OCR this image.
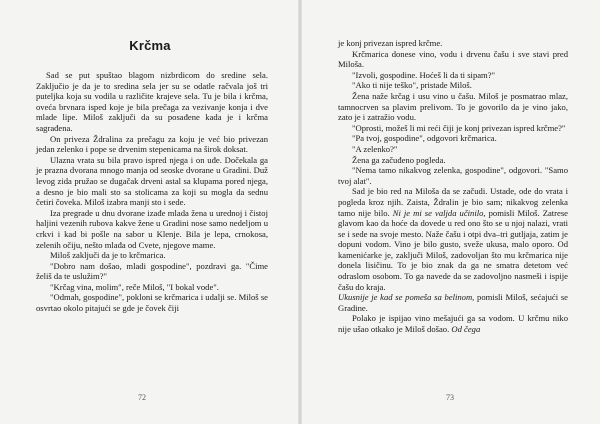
Krčma

Sad se put spuštao blagom nizbrdicom do sredine sela. Zaključio je da je to sredina sela jer su se odatle račvala još tri puteljka koja su vodila u različite krajeve sela. Tu je bila i krčma, oveća brvnara isped koje je bila prečaga za vezivanje konja i dve mlade lipe. Miloš zaključi da su posađene kada je i krčma sagrađena.

On priveza Ždralina za prečagu za koju je već bio privezan jedan zelenko i pope se drvenim stepenicama na širok doksat.

Ulazna vrata su bila pravo ispred njega i on uđe. Dočekala ga je prazna dvorana mnogo manja od seoske dvorane u Gradini. Duž levog zida pružao se dugačak drveni astal sa klupama pored njega, a desno je bio mali sto sa stolicama za koji su mogla da sednu četiri čoveka. Miloš izabra manji sto i sede.

Iza pregrade u dnu dvorane izađe mlada žena u urednoj i čistoj haljini vezenih rubova kakve žene u Gradini nose samo nedeljom u crkvi i kad bi pošle na sabor u Klenje. Bila je lepa, crnokosa, zelenih očiju, nešto mlađa od Cvete, njegove mame.

Miloš zaključi da je to krčmarica.

"Dobro nam došao, mladi gospodine", pozdravi ga. "Čime želiš da te uslužim?"

"Krčag vina, molim", reče Miloš, "I bokal vode".

"Odmah, gospodine", pokloni se krčmarica i udalji se. Miloš se osvrtao okolo pitajući se gde je čovek čiji

72

je konj privezan ispred krčme.

Krčmarica donese vino, vodu i drvenu čašu i sve stavi pred Miloša.

"Izvoli, gospodine. Hoćeš li da ti sipam?"

"Ako ti nije teško", pristade Miloš.

Žena naže krčag i usu vino u čašu. Miloš je posmatrao mlaz, tamnocrven sa plavim prelivom. To je govorilo da je vino jako, zato je i zatražio vodu.

"Oprosti, možeš li mi reći čiji je konj privezan ispred krčme?"

"Pa tvoj, gospodine", odgovori krčmarica.

"A zelenko?"

Žena ga začuđeno pogleda.

"Nema tamo nikakvog zelenka, gospodine", odgovori. "Samo tvoj alat".

Sad je bio red na Miloša da se začudi. Ustade, ode do vrata i pogleda kroz njih. Zaista, Ždralin je bio sam; nikakvog zelenka tamo nije bilo. Ni je mi se valjda učinilo, pomisli Miloš. Zatrese glavom kao da hoće da dovede u red ono što se u njoj nalazi, vrati se i sede na svoje mesto. Naže čašu i otpi dva–tri gutljaja, zatim je dopuni vodom. Vino je bilo gusto, sveže ukusa, malo oporo. Od kamenićarke je, zaključi Miloš, zadovoljan što mu krčmarica nije donela lisičinu. To je bio znak da ga ne smatra detetom već odraslom osobom. To ga navede da se zadovoljno nasmeši i ispije čašu do kraja.

Ukusnije je kad se pomeša sa belinom, pomisli Miloš, sećajući se Gradine.

Polako je ispijao vino mešajući ga sa vodom. U krčmu niko nije ušao otkako je Miloš došao. Od čega

73
